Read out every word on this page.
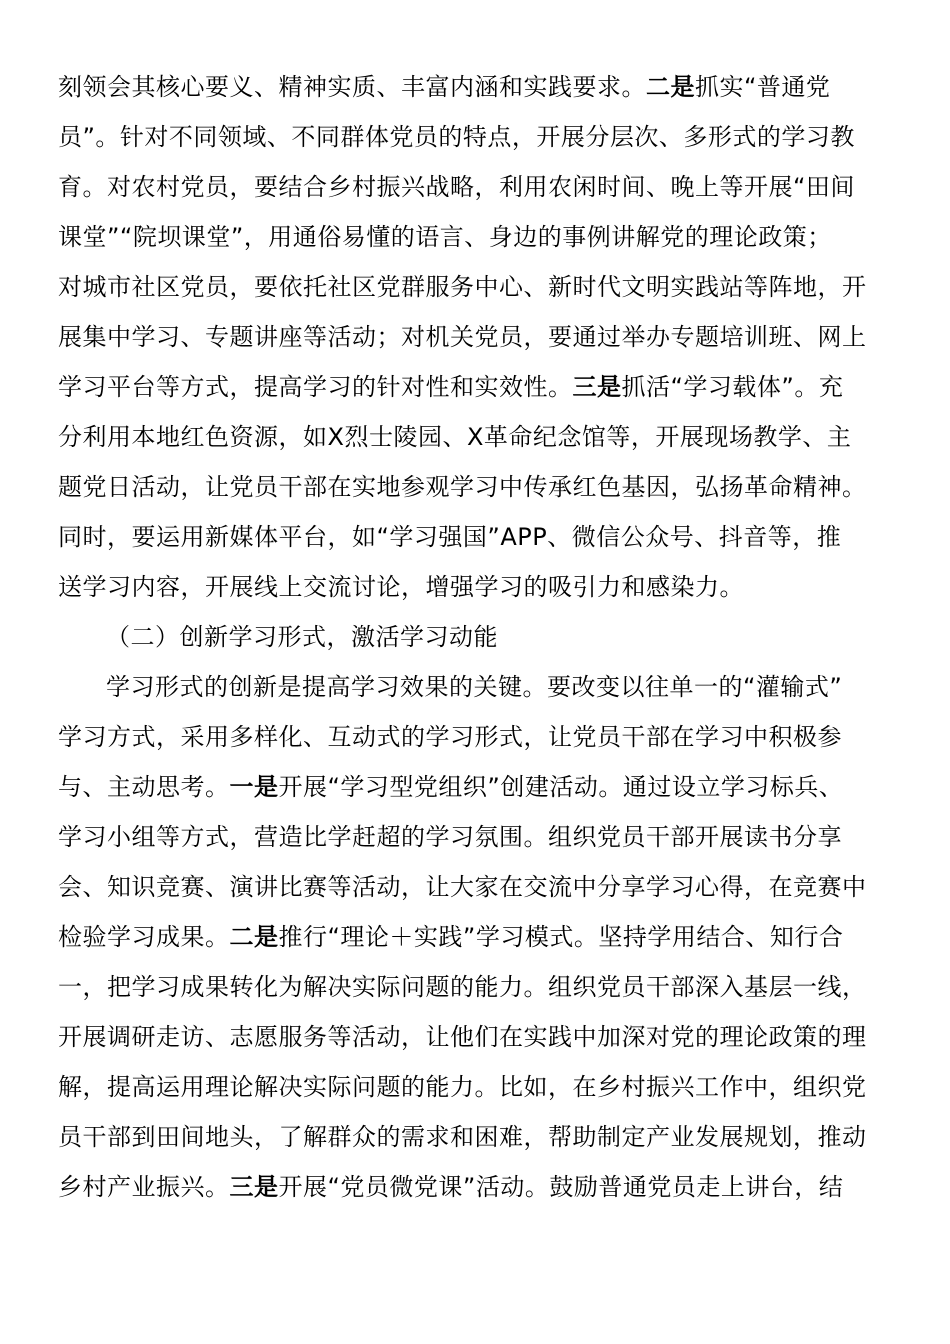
刻领会其核心要义、精神实质、丰富内涵和实践要求。二是抓实“普通党
员”。针对不同领域、不同群体党员的特点，开展分层次、多形式的学习教
育。对农村党员，要结合乡村振兴战略，利用农闲时间、晚上等开展“田间
课堂”“院坝课堂”，用通俗易懂的语言、身边的事例讲解党的理论政策；
对城市社区党员，要依托社区党群服务中心、新时代文明实践站等阵地，开
展集中学习、专题讲座等活动；对机关党员，要通过举办专题培训班、网上
学习平台等方式，提高学习的针对性和实效性。三是抓活“学习载体”。充
分利用本地红色资源，如X烈士陵园、X革命纪念馆等，开展现场教学、主
题党日活动，让党员干部在实地参观学习中传承红色基因，弘扬革命精神。
同时，要运用新媒体平台，如“学习强国”APP、微信公众号、抖音等，推
送学习内容，开展线上交流讨论，增强学习的吸引力和感染力。
（二）创新学习形式，激活学习动能
学习形式的创新是提高学习效果的关键。要改变以往单一的“灌输式”
学习方式，采用多样化、互动式的学习形式，让党员干部在学习中积极参
与、主动思考。一是开展“学习型党组织”创建活动。通过设立学习标兵、
学习小组等方式，营造比学赶超的学习氛围。组织党员干部开展读书分享
会、知识竞赛、演讲比赛等活动，让大家在交流中分享学习心得，在竞赛中
检验学习成果。二是推行“理论＋实践”学习模式。坚持学用结合、知行合
一，把学习成果转化为解决实际问题的能力。组织党员干部深入基层一线，
开展调研走访、志愿服务等活动，让他们在实践中加深对党的理论政策的理
解，提高运用理论解决实际问题的能力。比如，在乡村振兴工作中，组织党
员干部到田间地头，了解群众的需求和困难，帮助制定产业发展规划，推动
乡村产业振兴。三是开展“党员微党课”活动。鼓励普通党员走上讲台，结
